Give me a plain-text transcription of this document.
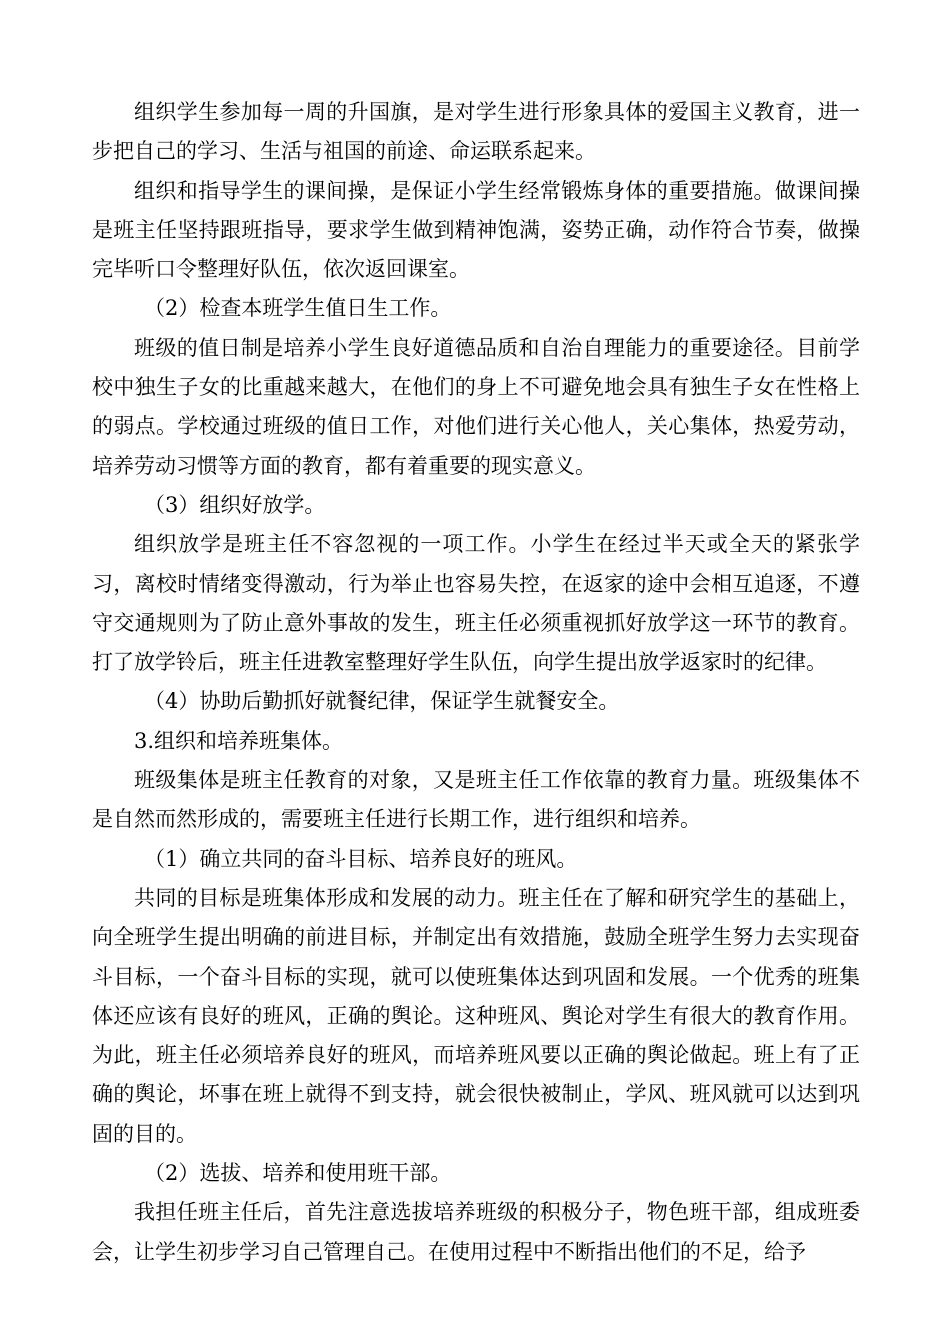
组织学生参加每一周的升国旗，是对学生进行形象具体的爱国主义教育，进一步把自己的学习、生活与祖国的前途、命运联系起来。

组织和指导学生的课间操，是保证小学生经常锻炼身体的重要措施。做课间操是班主任坚持跟班指导，要求学生做到精神饱满，姿势正确，动作符合节奏，做操完毕听口令整理好队伍，依次返回课室。

（2）检查本班学生值日生工作。

班级的值日制是培养小学生良好道德品质和自治自理能力的重要途径。目前学校中独生子女的比重越来越大，在他们的身上不可避免地会具有独生子女在性格上的弱点。学校通过班级的值日工作，对他们进行关心他人，关心集体，热爱劳动，培养劳动习惯等方面的教育，都有着重要的现实意义。

（3）组织好放学。

组织放学是班主任不容忽视的一项工作。小学生在经过半天或全天的紧张学习，离校时情绪变得激动，行为举止也容易失控，在返家的途中会相互追逐，不遵守交通规则为了防止意外事故的发生，班主任必须重视抓好放学这一环节的教育。打了放学铃后，班主任进教室整理好学生队伍，向学生提出放学返家时的纪律。

（4）协助后勤抓好就餐纪律，保证学生就餐安全。

3.组织和培养班集体。

班级集体是班主任教育的对象，又是班主任工作依靠的教育力量。班级集体不是自然而然形成的，需要班主任进行长期工作，进行组织和培养。

（1）确立共同的奋斗目标、培养良好的班风。

共同的目标是班集体形成和发展的动力。班主任在了解和研究学生的基础上，向全班学生提出明确的前进目标，并制定出有效措施，鼓励全班学生努力去实现奋斗目标，一个奋斗目标的实现，就可以使班集体达到巩固和发展。一个优秀的班集体还应该有良好的班风，正确的舆论。这种班风、舆论对学生有很大的教育作用。为此，班主任必须培养良好的班风，而培养班风要以正确的舆论做起。班上有了正确的舆论，坏事在班上就得不到支持，就会很快被制止，学风、班风就可以达到巩固的目的。

（2）选拔、培养和使用班干部。

我担任班主任后，首先注意选拔培养班级的积极分子，物色班干部，组成班委会，让学生初步学习自己管理自己。在使用过程中不断指出他们的不足，给予
